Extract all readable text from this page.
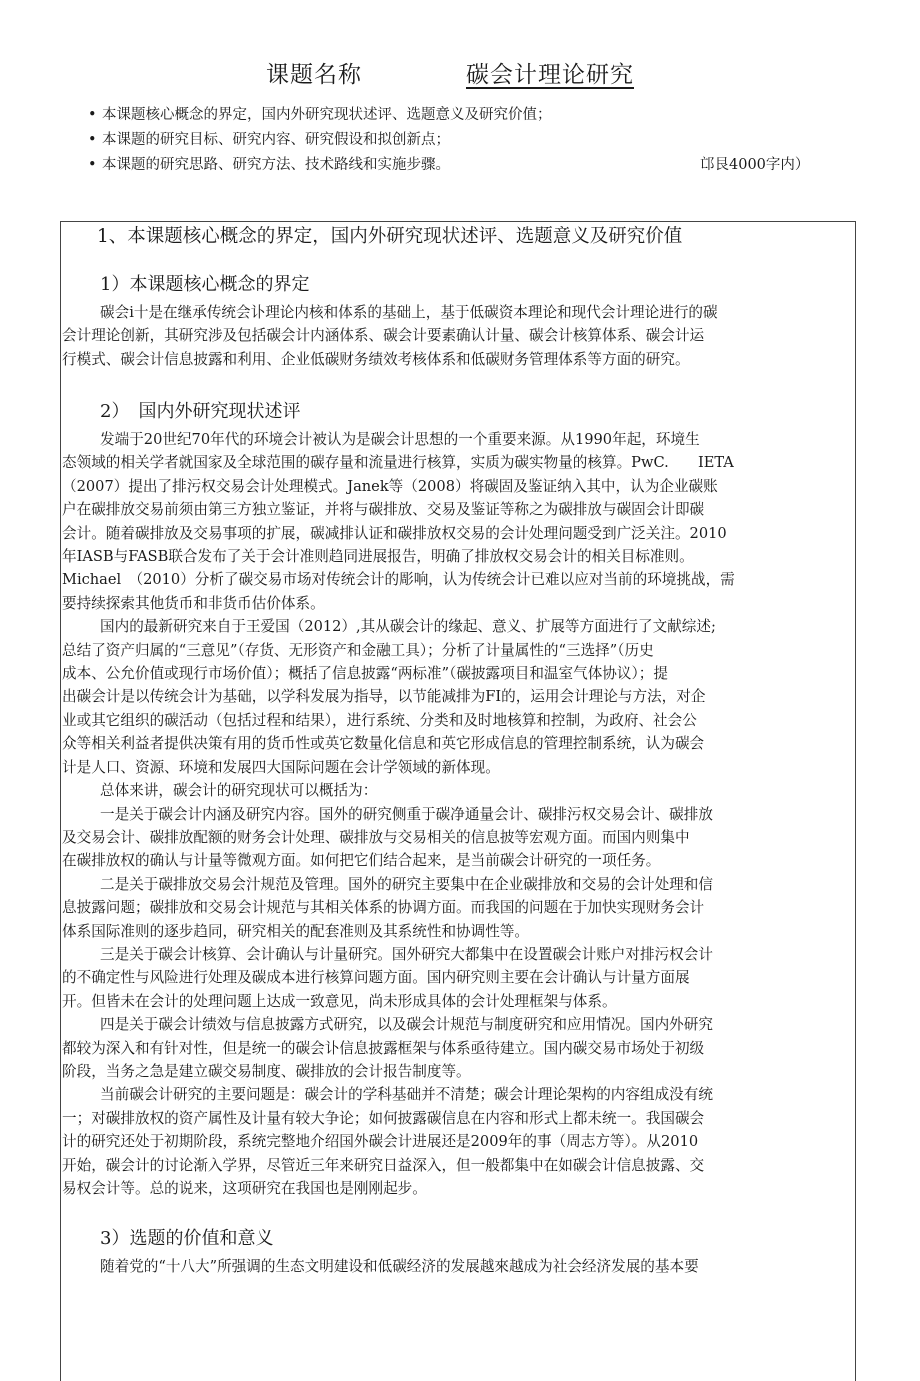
课题名称	碳会计理论研究
• 本课题核心概念的界定，国内外研究现状述评、选题意义及研究价值；
• 本课题的研究目标、研究内容、研究假设和拟创新点；
• 本课题的研究思路、研究方法、技术路线和实施步骤。	邙艮4000字内）
1、本课题核心概念的界定，国内外研究现状述评、选题意义及研究价值
1）本课题核心概念的界定

碳会i十是在继承传统会讣理论内核和体系的基础上，基于低碳资本理论和现代会计理论进行的碳

会计理论创新，其研究涉及包括碳会计内涵体系、碳会计要素确认计量、碳会计核算体系、碳会计运

行模式、碳会计信息披露和利用、企业低碳财务绩效考核体系和低碳财务管理体系等方面的研究。

2）　国内外研究现状述评

发端于20世纪70年代的环境会计被认为是碳会计思想的一个重要来源。从1990年起，环境生

态领域的相关学者就国家及全球范围的碳存量和流量进行核算，实质为碳实物量的核算。PwC.　　IETA

（2007）提出了排污权交易会计处理模式。Janek等（2008）将碳固及鉴证纳入其中，认为企业碳账

户在碳排放交易前须由第三方独立鉴证，并将与碳排放、交易及鉴证等称之为碳排放与碳固会计即碳

会计。随着碳排放及交易事项的扩展，碳减排认证和碳排放权交易的会计处理问题受到广泛关注。2010

年IASB与FASB联合发布了关于会计准则趋同进展报告，明确了排放权交易会计的相关目标准则。

Michael　（2010）分析了碳交易市场对传统会计的彫响，认为传统会计已难以应对当前的环境挑战，需

要持续探索其他货币和非货币估价体系。

国内的最新研究来自于王爱国（2012）,其从碳会计的缘起、意义、扩展等方面进行了文献综述;

总结了资产归属的“三意见”（存货、无形资产和金融工具）；分析了计量属性的“三选择”（历史

成本、公允价值或现行市场价值）；概括了信息披露“两标准”（碳披露项目和温室气体协议）；提

出碳会计是以传统会计为基础，以学科发展为指导，以节能减排为FI的，运用会计理论与方法，对企

业或其它组织的碳活动（包括过程和结果），进行系统、分类和及时地核算和控制，为政府、社会公

众等相关利益者提供决策有用的货币性或英它数量化信息和英它形成信息的管理控制系统，认为碳会

计是人口、资源、环境和发展四大国际问题在会计学领域的新体现。

总体来讲，碳会计的研究现状可以概括为：

一是关于碳会计内涵及研究内容。国外的研究侧重于碳净通量会计、碳排污权交易会计、碳排放

及交易会计、碳排放配额的财务会计处理、碳排放与交易相关的信息披等宏观方面。而国内则集中

在碳排放权的确认与计量等微观方面。如何把它们结合起来，是当前碳会计研究的一项任务。

二是关于碳排放交易会汁规范及管理。国外的研究主要集中在企业碳排放和交易的会计处理和信

息披露问题；碳排放和交易会计规范与其相关体系的协调方面。而我国的问题在于加快实现财务会计

体系国际准则的逐步趋同，研究相关的配套准则及其系统性和协调性等。

三是关于碳会计核算、会计确认与计量研究。国外研究大都集中在设置碳会计账户对排污权会计

的不确定性与风险进行处理及碳成本进行核算问题方面。国内研究则主要在会计确认与计量方面展

开。但皆未在会计的处理问题上达成一致意见，尚未形成具体的会计处理框架与体系。

四是关于碳会计绩效与信息披露方式研究，以及碳会计规范与制度研究和应用情况。国内外研究

都较为深入和有针对性，但是统一的碳会讣信息披露框架与体系亟待建立。国内碳交易市场处于初级

阶段，当务之急是建立碳交易制度、碳排放的会计报告制度等。

当前碳会计研究的主要问题是：碳会计的学科基础并不清楚；碳会计理论架构的内容组成没有统

一；对碳排放权的资产属性及计量有较大争论；如何披露碳信息在内容和形式上都未统一。我国碳会

计的研究还处于初期阶段，系统完整地介绍国外碳会计进展还是2009年的事（周志方等）。从2010

开始，碳会计的讨论渐入学界，尽管近三年来研究日益深入，但一般都集中在如碳会计信息披露、交

易权会计等。总的说来，这项研究在我国也是刚刚起步。

3）选题的价值和意义

随着党的“十八大”所强调的生态文明建设和低碳经济的发展越來越成为社会经济发展的基本要
